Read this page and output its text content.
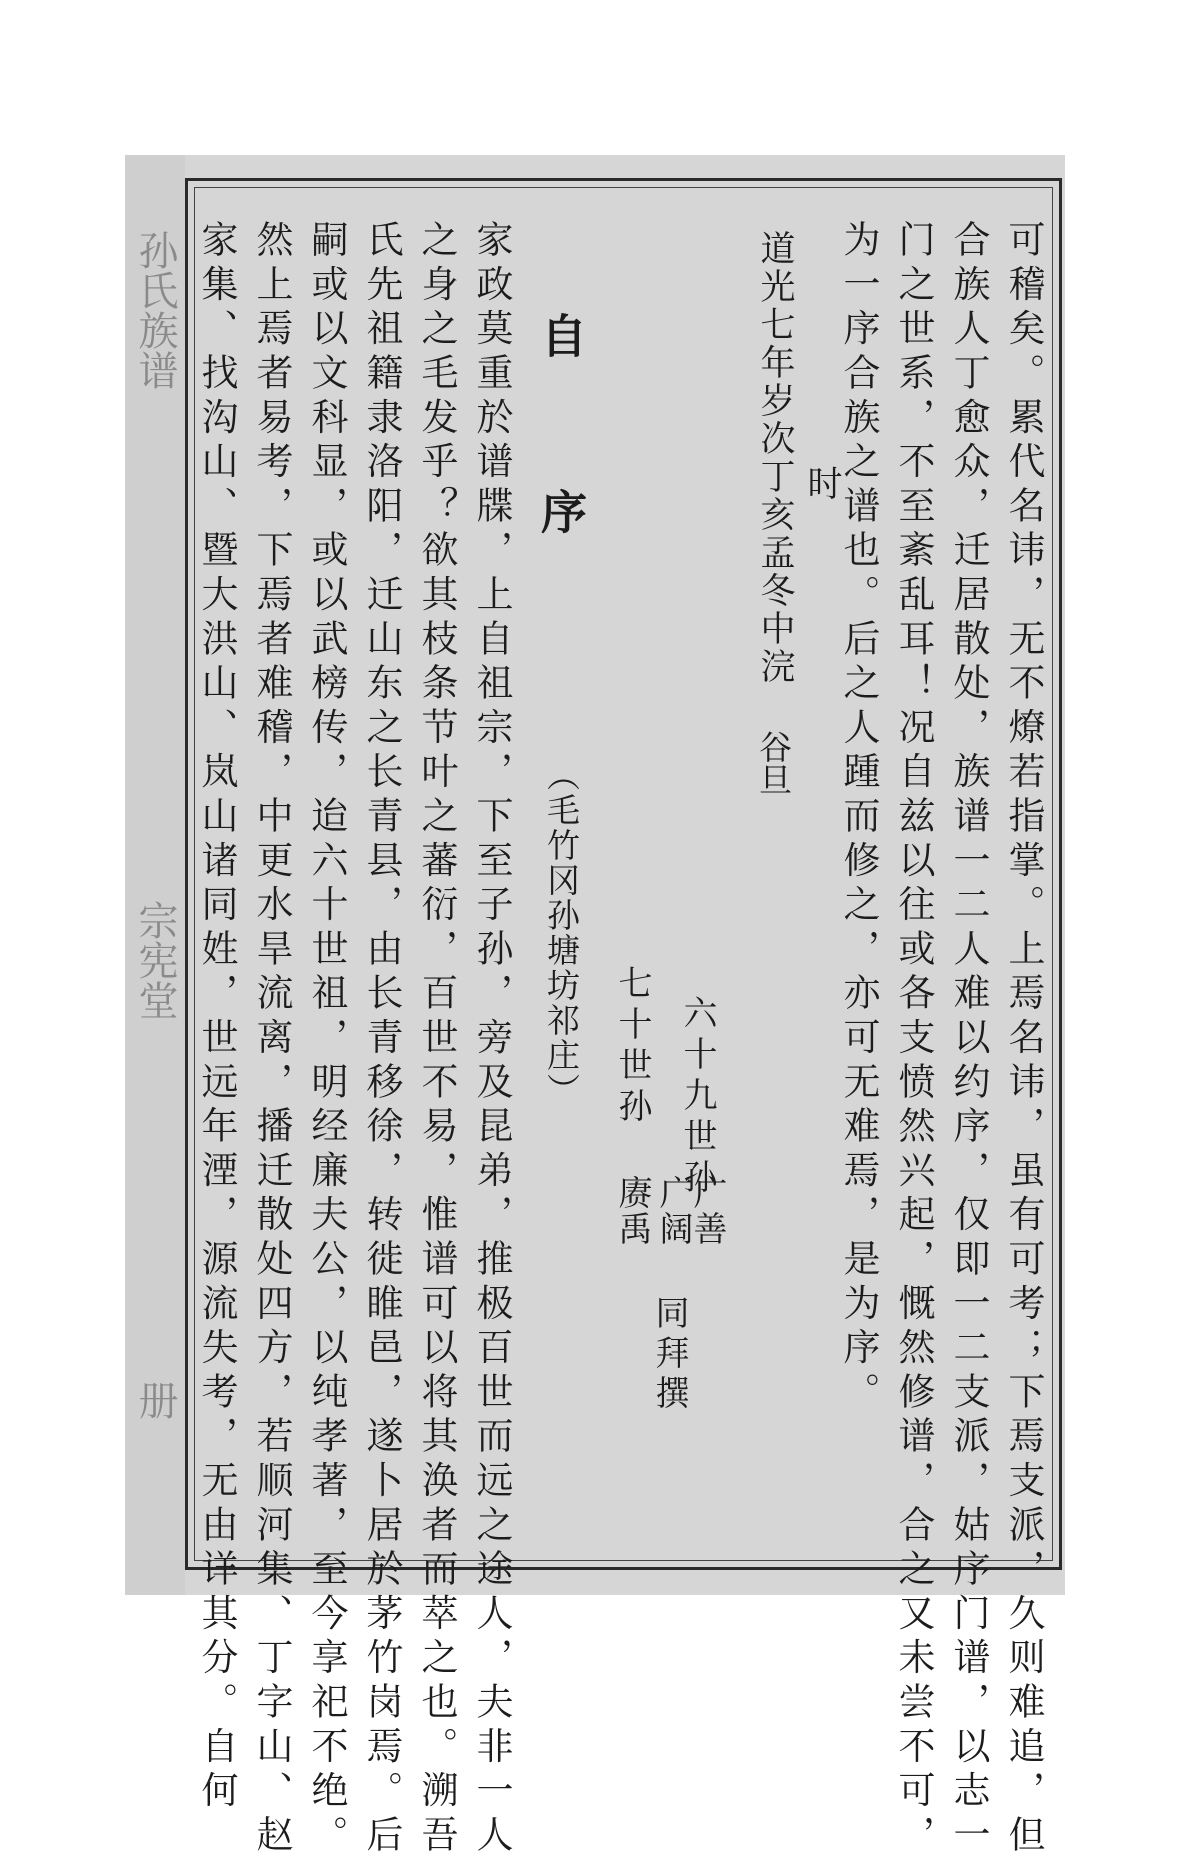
孙氏族谱
宗宪堂
册	可稽矣。累代名讳，无不燎若指掌。上焉名讳，虽有可考；下焉支派，久则难追，但
合族人丁愈众，迁居散处，族谱一二人难以约序，仅即一二支派，姑序门谱，以志一
门之世系，不至紊乱耳！况自兹以往或各支愤然兴起，慨然修谱，合之又未尝不可，
为一序合族之谱也。后之人踵而修之，亦可无难焉，是为序。
时
道光七年岁次丁亥孟冬中浣
谷旦
六十九世孙
广善
广阔
七十世孙
赓禹
同拜撰
自序
（毛竹冈孙塘坊祁庄）
家政莫重於谱牒，上自祖宗，下至子孙，旁及昆弟，推极百世而远之途人，夫非一人
之身之毛发乎？欲其枝条节叶之蕃衍，百世不易，惟谱可以将其涣者而萃之也。溯吾
氏先祖籍隶洛阳，迁山东之长青县，由长青移徐，转徙睢邑，遂卜居於茅竹岗焉。后
嗣或以文科显，或以武榜传，迨六十世祖，明经廉夫公，以纯孝著，至今享祀不绝。
然上焉者易考，下焉者难稽，中更水旱流离，播迁散处四方，若顺河集、丁字山、赵
家集、找沟山、暨大洪山、岚山诸同姓，世远年湮，源流失考，无由详其分。自何
